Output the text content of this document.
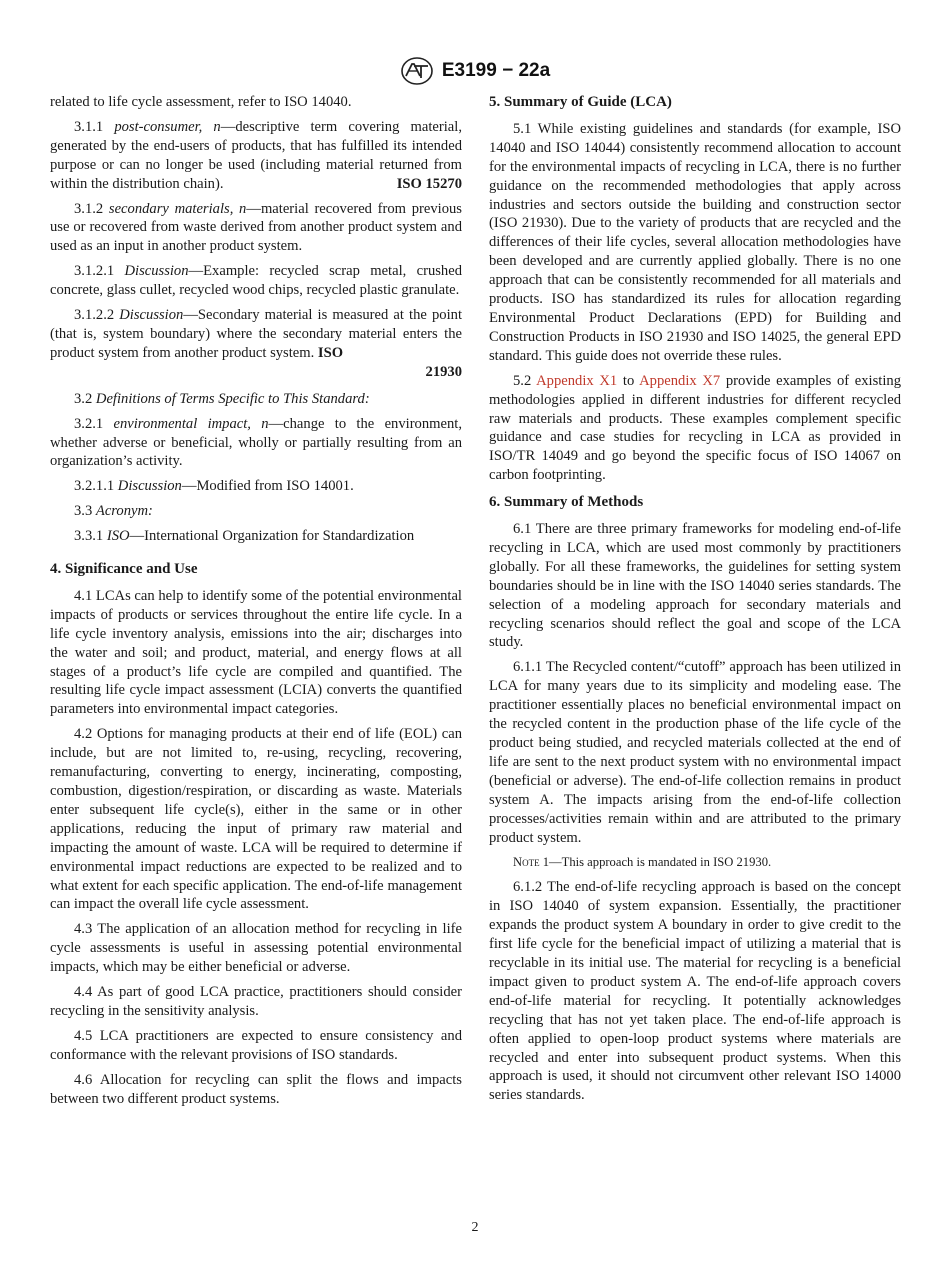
E3199 − 22a

related to life cycle assessment, refer to ISO 14040.

3.1.1 post-consumer, n—descriptive term covering material, generated by the end-users of products, that has fulfilled its intended purpose or can no longer be used (including material returned from within the distribution chain).	ISO 15270

3.1.2 secondary materials, n—material recovered from previous use or recovered from waste derived from another product system and used as an input in another product system.

3.1.2.1 Discussion—Example: recycled scrap metal, crushed concrete, glass cullet, recycled wood chips, recycled plastic granulate.

3.1.2.2 Discussion—Secondary material is measured at the point (that is, system boundary) where the secondary material enters the product system from another product system. ISO

21930

3.2 Definitions of Terms Specific to This Standard:

3.2.1 environmental impact, n—change to the environment, whether adverse or beneficial, wholly or partially resulting from an organization’s activity.

3.2.1.1 Discussion—Modified from ISO 14001.

3.3 Acronym:

3.3.1 ISO—International Organization for Standardization

4. Significance and Use

4.1 LCAs can help to identify some of the potential environmental impacts of products or services throughout the entire life cycle. In a life cycle inventory analysis, emissions into the air; discharges into the water and soil; and product, material, and energy flows at all stages of a product’s life cycle are compiled and quantified. The resulting life cycle impact assessment (LCIA) converts the quantified parameters into environmental impact categories.

4.2 Options for managing products at their end of life (EOL) can include, but are not limited to, re-using, recycling, recovering, remanufacturing, converting to energy, incinerating, composting, combustion, digestion/respiration, or discarding as waste. Materials enter subsequent life cycle(s), either in the same or in other applications, reducing the input of primary raw material and impacting the amount of waste. LCA will be required to determine if environmental impact reductions are expected to be realized and to what extent for each specific application. The end-of-life management can impact the overall life cycle assessment.

4.3 The application of an allocation method for recycling in life cycle assessments is useful in assessing potential environmental impacts, which may be either beneficial or adverse.

4.4 As part of good LCA practice, practitioners should consider recycling in the sensitivity analysis.

4.5 LCA practitioners are expected to ensure consistency and conformance with the relevant provisions of ISO standards.

4.6 Allocation for recycling can split the flows and impacts between two different product systems.

5. Summary of Guide (LCA)

5.1 While existing guidelines and standards (for example, ISO 14040 and ISO 14044) consistently recommend allocation to account for the environmental impacts of recycling in LCA, there is no further guidance on the recommended methodologies that apply across industries and sectors outside the building and construction sector (ISO 21930). Due to the variety of products that are recycled and the differences of their life cycles, several allocation methodologies have been developed and are currently applied globally. There is no one approach that can be consistently recommended for all materials and products. ISO has standardized its rules for allocation regarding Environmental Product Declarations (EPD) for Building and Construction Products in ISO 21930 and ISO 14025, the general EPD standard. This guide does not override these rules.

5.2 Appendix X1 to Appendix X7 provide examples of existing methodologies applied in different industries for different recycled raw materials and products. These examples complement specific guidance and case studies for recycling in LCA as provided in ISO/TR 14049 and go beyond the specific focus of ISO 14067 on carbon footprinting.

6. Summary of Methods

6.1 There are three primary frameworks for modeling end-of-life recycling in LCA, which are used most commonly by practitioners globally. For all these frameworks, the guidelines for setting system boundaries should be in line with the ISO 14040 series standards. The selection of a modeling approach for secondary materials and recycling scenarios should reflect the goal and scope of the LCA study.

6.1.1 The Recycled content/“cutoff” approach has been utilized in LCA for many years due to its simplicity and modeling ease. The practitioner essentially places no beneficial environmental impact on the recycled content in the production phase of the life cycle of the product being studied, and recycled materials collected at the end of life are sent to the next product system with no environmental impact (beneficial or adverse). The end-of-life collection remains in product system A. The impacts arising from the end-of-life collection processes/activities remain within and are attributed to the primary product system.

Note 1—This approach is mandated in ISO 21930.

6.1.2 The end-of-life recycling approach is based on the concept in ISO 14040 of system expansion. Essentially, the practitioner expands the product system A boundary in order to give credit to the first life cycle for the beneficial impact of utilizing a material that is recyclable in its initial use. The material for recycling is a beneficial impact given to product system A. The end-of-life approach covers end-of-life material for recycling. It potentially acknowledges recycling that has not yet taken place. The end-of-life approach is often applied to open-loop product systems where materials are recycled and enter into subsequent product systems. When this approach is used, it should not circumvent other relevant ISO 14000 series standards.

2
